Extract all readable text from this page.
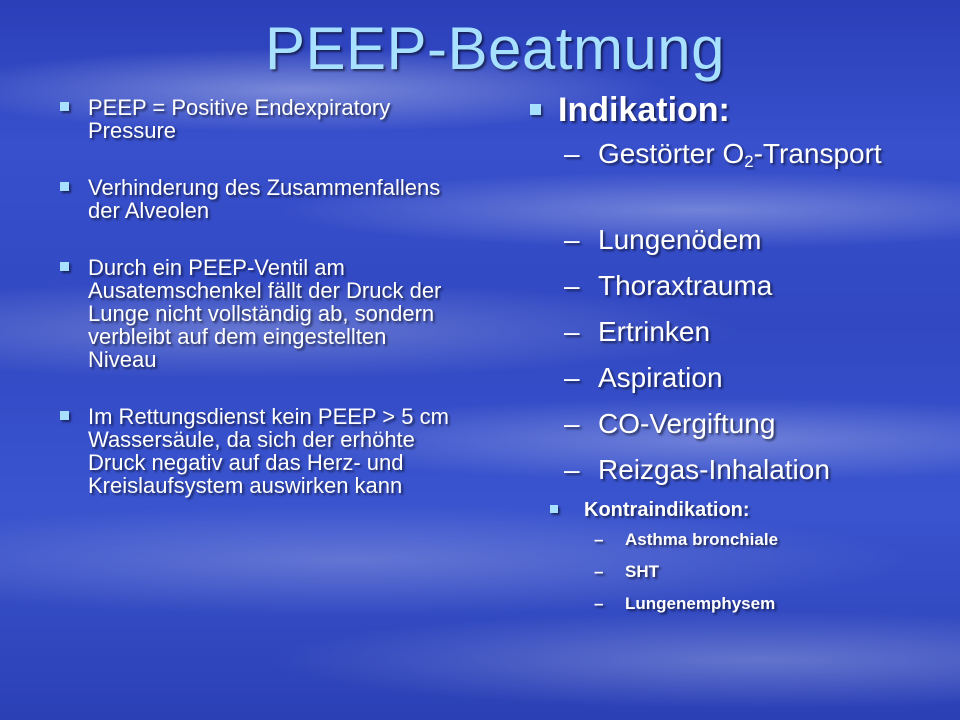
PEEP-Beatmung
PEEP = Positive Endexpiratory Pressure
Verhinderung des Zusammenfallens der Alveolen
Durch ein PEEP-Ventil am Ausatemschenkel fällt der Druck der Lunge nicht vollständig ab, sondern verbleibt auf dem eingestellten Niveau
Im Rettungsdienst kein PEEP > 5 cm Wassersäule, da sich der erhöhte Druck negativ auf das Herz- und Kreislaufsystem auswirken kann
Indikation:
– Gestörter $O_2$-Transport
– Lungenödem
– Thoraxtrauma
– Ertrinken
– Aspiration
– CO-Vergiftung
– Reizgas-Inhalation
Kontraindikation:
– Asthma bronchiale
– SHT
– Lungenemphysem
